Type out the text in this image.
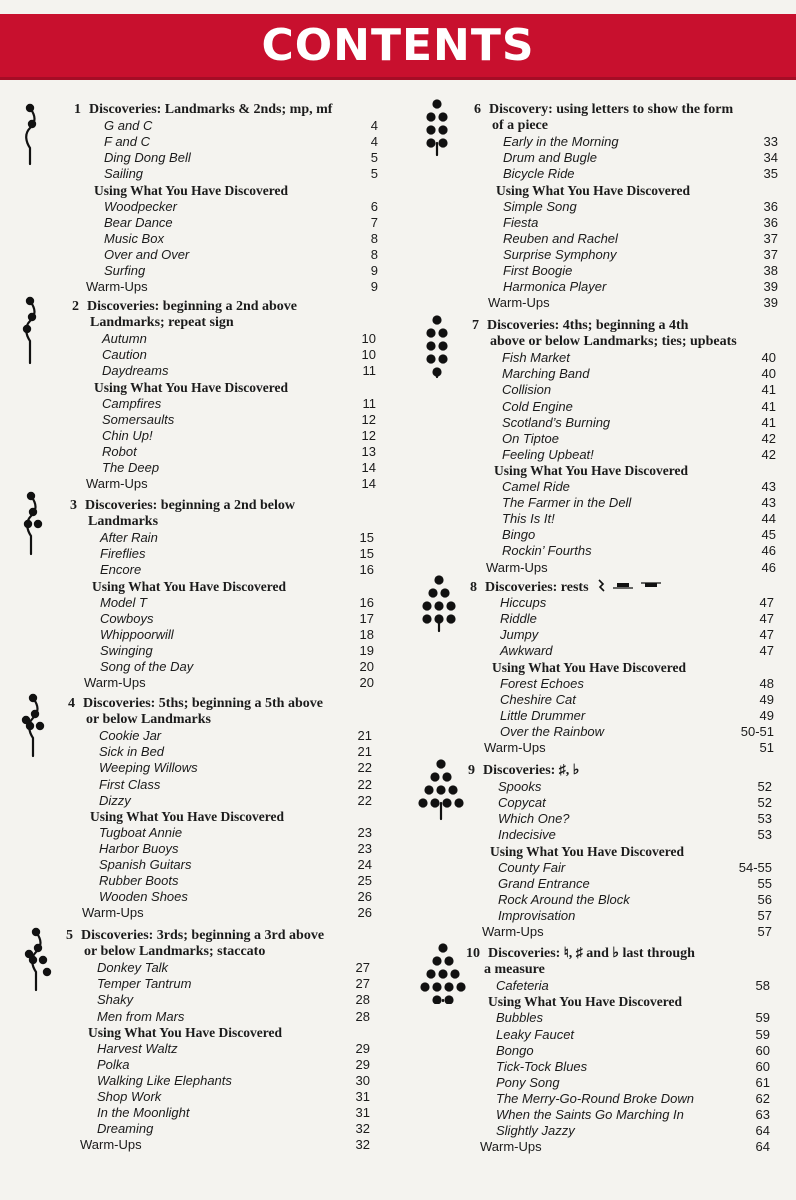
CONTENTS
1 Discoveries: Landmarks & 2nds; mp, mf
G and C	4
F and C	4
Ding Dong Bell	5
Sailing	5
Using What You Have Discovered
Woodpecker	6
Bear Dance	7
Music Box	8
Over and Over	8
Surfing	9
Warm-Ups	9
2 Discoveries: beginning a 2nd above
Landmarks; repeat sign
Autumn	10
Caution	10
Daydreams	11
Using What You Have Discovered
Campfires	11
Somersaults	12
Chin Up!	12
Robot	13
The Deep	14
Warm-Ups	14
3 Discoveries: beginning a 2nd below
Landmarks
After Rain	15
Fireflies	15
Encore	16
Using What You Have Discovered
Model T	16
Cowboys	17
Whippoorwill	18
Swinging	19
Song of the Day	20
Warm-Ups	20
4 Discoveries: 5ths; beginning a 5th above
or below Landmarks
Cookie Jar	21
Sick in Bed	21
Weeping Willows	22
First Class	22
Dizzy	22
Using What You Have Discovered
Tugboat Annie	23
Harbor Buoys	23
Spanish Guitars	24
Rubber Boots	25
Wooden Shoes	26
Warm-Ups	26
5 Discoveries: 3rds; beginning a 3rd above
or below Landmarks; staccato
Donkey Talk	27
Temper Tantrum	27
Shaky	28
Men from Mars	28
Using What You Have Discovered
Harvest Waltz	29
Polka	29
Walking Like Elephants	30
Shop Work	31
In the Moonlight	31
Dreaming	32
Warm-Ups	32
6 Discovery: using letters to show the form
of a piece
Early in the Morning	33
Drum and Bugle	34
Bicycle Ride	35
Using What You Have Discovered
Simple Song	36
Fiesta	36
Reuben and Rachel	37
Surprise Symphony	37
First Boogie	38
Harmonica Player	39
Warm-Ups	39
7 Discoveries: 4ths; beginning a 4th
above or below Landmarks; ties; upbeats
Fish Market	40
Marching Band	40
Collision	41
Cold Engine	41
Scotland’s Burning	41
On Tiptoe	42
Feeling Upbeat!	42
Using What You Have Discovered
Camel Ride	43
The Farmer in the Dell	43
This Is It!	44
Bingo	45
Rockin’ Fourths	46
Warm-Ups	46
8 Discoveries: rests
Hiccups	47
Riddle	47
Jumpy	47
Awkward	47
Using What You Have Discovered
Forest Echoes	48
Cheshire Cat	49
Little Drummer	49
Over the Rainbow	50-51
Warm-Ups	51
9 Discoveries: ♯, ♭
Spooks	52
Copycat	52
Which One?	53
Indecisive	53
Using What You Have Discovered
County Fair	54-55
Grand Entrance	55
Rock Around the Block	56
Improvisation	57
Warm-Ups	57
10 Discoveries: ♮, ♯ and ♭ last through
a measure
Cafeteria	58
Using What You Have Discovered
Bubbles	59
Leaky Faucet	59
Bongo	60
Tick-Tock Blues	60
Pony Song	61
The Merry-Go-Round Broke Down	62
When the Saints Go Marching In	63
Slightly Jazzy	64
Warm-Ups	64
